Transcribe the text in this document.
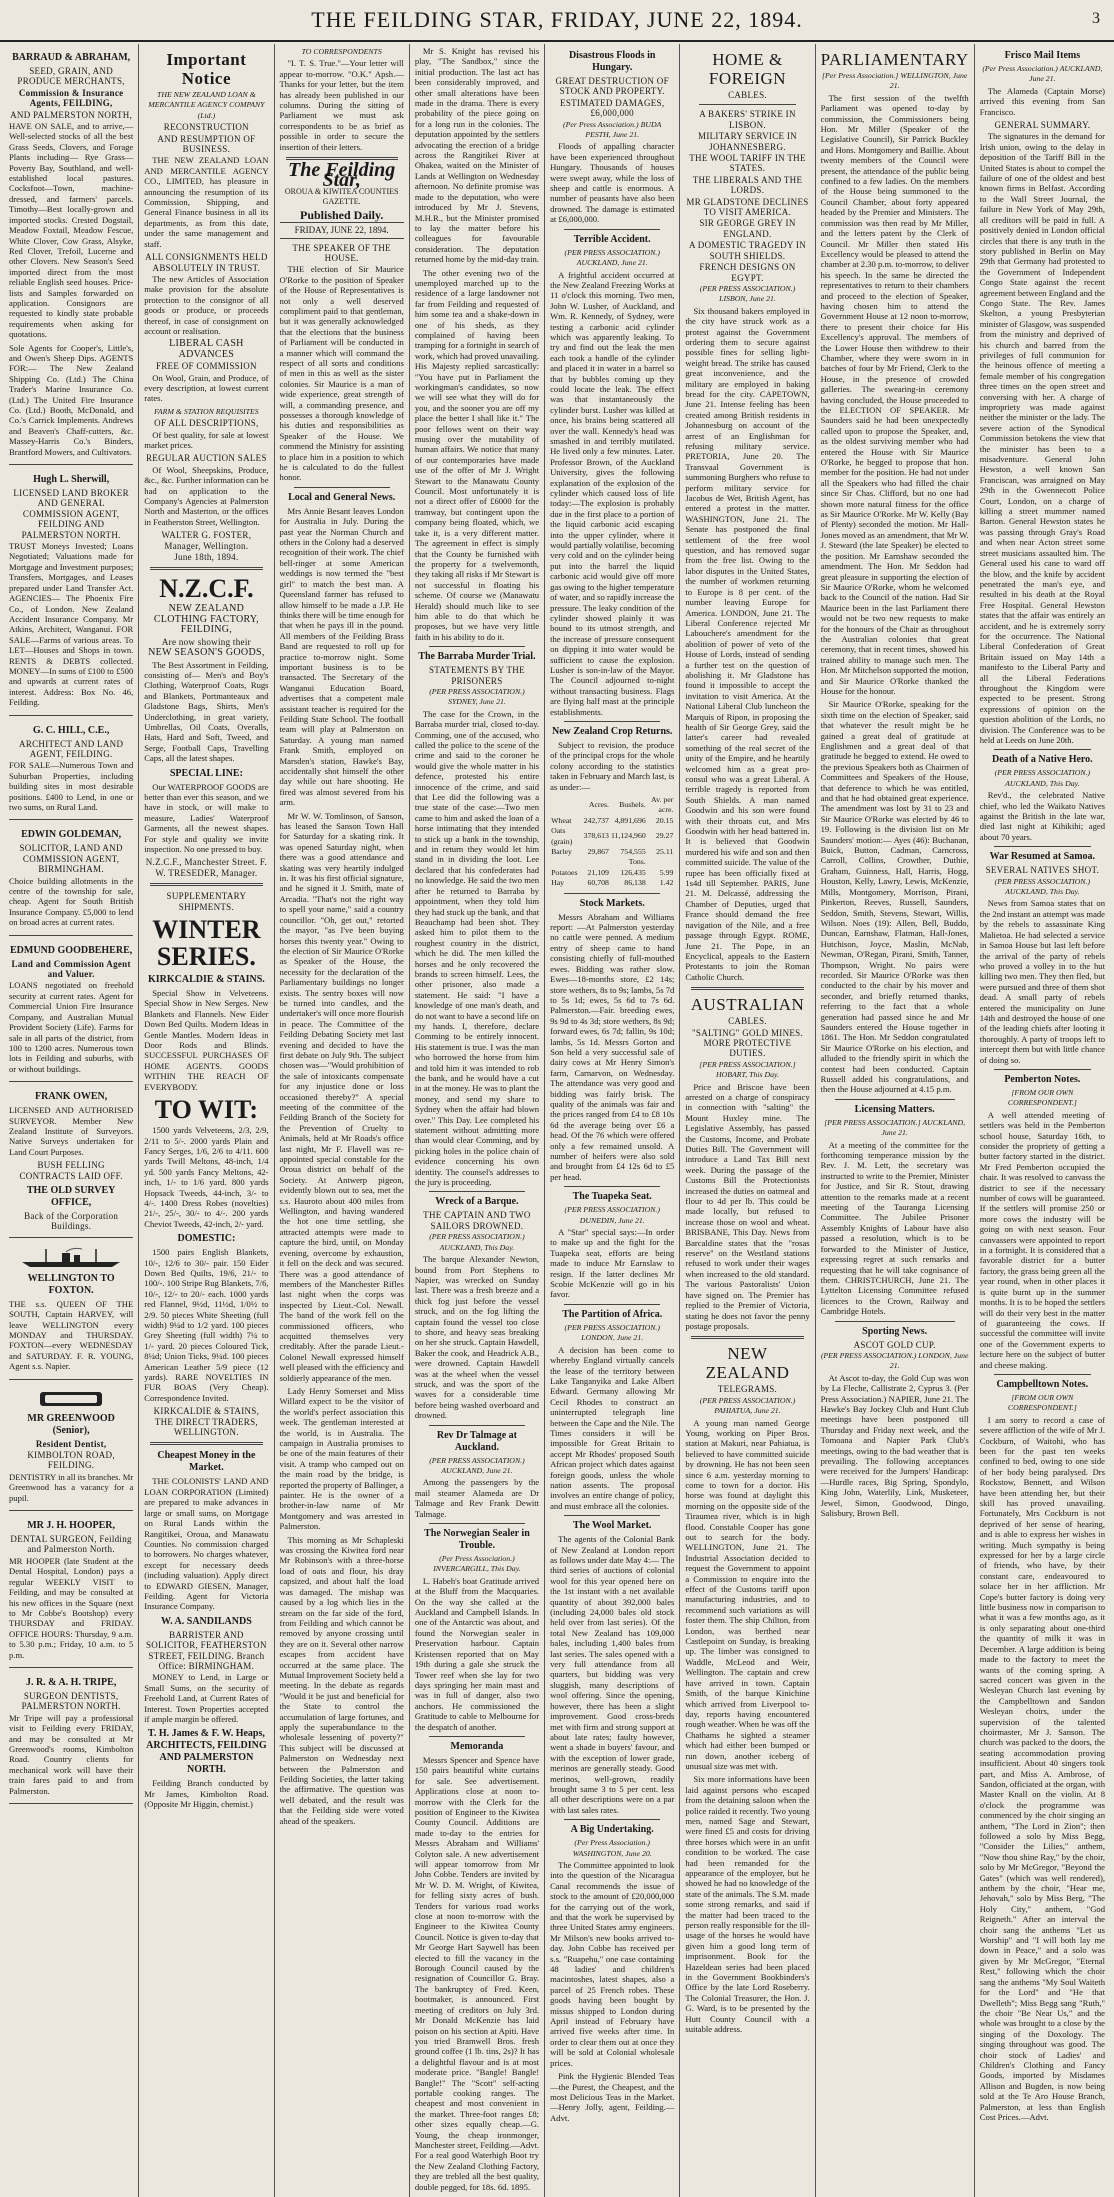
THE FEILDING STAR, FRIDAY, JUNE 22, 1894.	3
BARRAUD & ABRAHAM,
SEED, GRAIN, AND PRODUCE MERCHANTS,
Commission & Insurance Agents, FEILDING,
AND PALMERSTON NORTH,

HAVE ON SALE, and to arrive,— Well-selected stocks of all the best Grass Seeds, Clovers, and Forage Plants including— Rye Grass—Poverty Bay, Southland, and well-established local pastures. Cocksfoot—Town, machine-dressed, and farmers' parcels. Timothy—Best locally-grown and imported stocks. Crested Dogstail, Meadow Foxtail, Meadow Fescue, White Clover, Cow Grass, Alsyke, Red Clover, Trefoil, Lucerne and other Clovers. New Season's Seed imported direct from the most reliable English seed houses. Price-lists and Samples forwarded on application. Consignors are requested to kindly state probable requirements when asking for quotations.

Sole Agents for Cooper's, Little's, and Owen's Sheep Dips. AGENTS FOR:— The New Zealand Shipping Co. (Ltd.) The China Trader's Marine Insurance Co. (Ltd.) The United Fire Insurance Co. (Ltd.) Booth, McDonald, and Co.'s Carrick Implements. Andrews and Beaven's Chaff-cutters, &c. Massey-Harris Co.'s Binders, Brantford Mowers, and Cultivators.

Hugh L. Sherwill,
LICENSED LAND BROKER AND GENERAL COMMISSION AGENT, FEILDING AND PALMERSTON NORTH.

TRUST Moneys Invested; Loans Negotiated; Valuations made for Mortgage and Investment purposes; Transfers, Mortgages, and Leases prepared under Land Transfer Act. AGENCIES— The Phoenix Fire Co., of London. New Zealand Accident Insurance Company. Mr Atkins, Architect, Wanganui. FOR SALE—Farms of various areas. To LET—Houses and Shops in town. RENTS & DEBTS collected. MONEY—In sums of £100 to £500 and upwards at current rates of interest. Address: Box No. 46, Feilding.

G. C. HILL, C.E.,
ARCHITECT AND LAND AGENT, FEILDING.

FOR SALE—Numerous Town and Suburban Properties, including building sites in most desirable positions. £400 to Lend, in one or two sums, on Rural Land.

EDWIN GOLDEMAN,
SOLICITOR, LAND AND COMMISSION AGENT, BIRMINGHAM.

Choice building allotments in the centre of the township for sale, cheap. Agent for South British Insurance Company. £5,000 to lend on broad acres at current rates.

EDMUND GOODBEHERE,
Land and Commission Agent and Valuer.

LOANS negotiated on freehold security at current rates. Agent for Commercial Union Fire Insurance Company, and Australian Mutual Provident Society (Life). Farms for sale in all parts of the district, from 100 to 1200 acres. Numerous town lots in Feilding and suburbs, with or without buildings.

FRANK OWEN,

LICENSED AND AUTHORISED SURVEYOR. Member New Zealand Institute of Surveyors. Native Surveys undertaken for Land Court Purposes.

BUSH FELLING CONTRACTS LAID OFF.
THE OLD SURVEY OFFICE,
Back of the Corporation Buildings.
WELLINGTON TO FOXTON.

THE s.s. QUEEN OF THE SOUTH, Captain HARVEY, will leave WELLINGTON every MONDAY and THURSDAY. FOXTON—every WEDNESDAY and SATURDAY. F. R. YOUNG, Agent s.s. Napier.

MR GREENWOOD (Senior),
Resident Dentist,
KIMBOLTON ROAD, FEILDING.

DENTISTRY in all its branches. Mr Greenwood has a vacancy for a pupil.

MR J. H. HOOPER,
DENTAL SURGEON, Feilding and Palmerston North.

MR HOOPER (late Student at the Dental Hospital, London) pays a regular WEEKLY VISIT to Feilding, and may be consulted at his new offices in the Square (next to Mr Cobbe's Bootshop) every THURSDAY and FRIDAY. OFFICE HOURS: Thursday, 9 a.m. to 5.30 p.m.; Friday, 10 a.m. to 5 p.m.

J. R. & A. H. TRIPE,
SURGEON DENTISTS, PALMERSTON NORTH.

Mr Tripe will pay a professional visit to Feilding every FRIDAY, and may be consulted at Mr Greenwood's rooms, Kimbolton Road. Country clients for mechanical work will have their train fares paid to and from Palmerston.

Important Notice
THE NEW ZEALAND LOAN & MERCANTILE AGENCY COMPANY (Ltd.)
RECONSTRUCTION
AND RESUMPTION OF BUSINESS.

THE NEW ZEALAND LOAN AND MERCANTILE AGENCY CO., LIMITED, has pleasure in announcing the resumption of its Commission, Shipping, and General Finance business in all its departments, as from this date, under the same management and staff.

ALL CONSIGNMENTS HELD ABSOLUTELY IN TRUST.

The new Articles of Association make provision for the absolute protection to the consignor of all goods or produce, or proceeds thereof, in case of consignment on account or realisation.

LIBERAL CASH ADVANCES
FREE OF COMMISSION

On Wool, Grain, and Produce, of every description, at lowest current rates.

FARM & STATION REQUISITES
OF ALL DESCRIPTIONS,

Of best quality, for sale at lowest market prices.

REGULAR AUCTION SALES

Of Wool, Sheepskins, Produce, &c., &c. Further information can be had on application to the Company's Agencies at Palmerston North and Masterton, or the offices in Featherston Street, Wellington.

WALTER G. FOSTER, Manager, Wellington.
June 18th, 1894.
N.Z.C.F.
NEW ZEALAND CLOTHING FACTORY, FEILDING,
Are now showing their
NEW SEASON'S GOODS,

The Best Assortment in Feilding, consisting of— Men's and Boy's Clothing, Waterproof Coats, Rugs and Blankets, Portmanteaux and Gladstone Bags, Shirts, Men's Underclothing, in great variety, Umbrellas, Oil Coats, Overalls, Hats, Hard and Soft, Tweed, and Serge, Football Caps, Travelling Caps, all the latest shapes.

SPECIAL LINE:

Our WATERPROOF GOODS are better than ever this season, and we have in stock, or will make to measure, Ladies' Waterproof Garments, all the newest shapes. For style and quality we invite inspection. No one pressed to buy.

N.Z.C.F., Manchester Street. F. W. TRESEDER, Manager.
SUPPLEMENTARY SHIPMENTS.
WINTER SERIES.
KIRKCALDIE & STAINS.

Special Show in Velveteens. Special Show in New Serges. New Blankets and Flannels. New Eider Down Bed Quilts. Modern Ideas in Gentle Mantles. Modern Ideas in Door Rods and Blinds. SUCCESSFUL PURCHASES OF HOME AGENTS. GOODS WITHIN THE REACH OF EVERYBODY.

TO WIT:

1500 yards Velveteens, 2/3, 2/9, 2/11 to 5/-. 2000 yards Plain and Fancy Serges, 1/6, 2/6 to 4/11. 600 yards Twill Meltons, 48-inch, 1/4 yd. 500 yards Fancy Meltons, 42-inch, 1/- to 1/6 yard. 800 yards Hopsack Tweeds, 44-inch, 3/- to 4/-. 1400 Dress Robes (novelties) 21/-, 25/-, 30/- to 4/-. 200 yards Cheviot Tweeds, 42-inch, 2/- yard.

DOMESTIC:

1500 pairs English Blankets, 10/-, 12/6 to 30/- pair. 150 Eider Down Bed Quilts, 19/6, 21/- to 100/-. 100 Stripe Rug Blankets, 7/6, 10/-, 12/- to 20/- each. 1000 yards red Flannel, 9½d, 11½d, 1/0½ to 2/9. 50 pieces White Sheeting (full width) 9¼d to 1/2 yard. 100 pieces Grey Sheeting (full width) 7¼ to 1/- yard. 20 pieces Coloured Tick, 8¼d; Union Ticks, 9¼d. 100 pieces American Leather 5/9 piece (12 yards). RARE NOVELTIES IN FUR BOAS (Very Cheap). Correspondence Invited.

KIRKCALDIE & STAINS, THE DIRECT TRADERS, WELLINGTON.
Cheapest Money in the Market.

THE COLONISTS' LAND AND LOAN CORPORATION (Limited) are prepared to make advances in large or small sums, on Mortgage on Rural Lands within the Rangitikei, Oroua, and Manawatu Counties. No commission charged to borrowers. No charges whatever, except for necessary deeds (including valuation). Apply direct to EDWARD GIESEN, Manager, Feilding. Agent for Victoria Insurance Company.

W. A. SANDILANDS
BARRISTER AND SOLICITOR, FEATHERSTON STREET, FEILDING. Branch Office: BIRMINGHAM.

MONEY to Lend, in Large or Small Sums, on the security of Freehold Land, at Current Rates of Interest. Town Properties accepted if ample margin be offered.

T. H. James & F. W. Heaps, ARCHITECTS, FEILDING AND PALMERSTON NORTH.

Feilding Branch conducted by Mr James, Kimbolton Road. (Opposite Mr Higgin, chemist.)

TO CORRESPONDENTS

"I. T. S. True."—Your letter will appear to-morrow. "O.K." Apsh.—Thanks for your letter, but the item has already been published in our columns. During the sitting of Parliament we must ask correspondents to be as brief as possible in order to secure the insertion of their letters.

The Feilding Star,
OROUA & KIWITEA COUNTIES GAZETTE.
Published Daily.
FRIDAY, JUNE 22, 1894.
THE SPEAKER OF THE HOUSE.

THE election of Sir Maurice O'Rorke to the position of Speaker of the House of Representatives is not only a well deserved compliment paid to that gentleman, but it was generally acknowledged that the elections that the business of Parliament will be conducted in a manner which will command the respect of all sorts and conditions of men in this as well as the sister colonies. Sir Maurice is a man of wide experience, great strength of will, a commanding presence, and possesses a thorough knowledge of his duties and responsibilities as Speaker of the House. We commend the Ministry for assisting to place him in a position to which he is calculated to do the fullest honor.

Local and General News.

Mrs Annie Besant leaves London for Australia in July. During the past year the Norman Church and others in the Colony had a deserved recognition of their work. The chief bell-ringer at some American weddings is now termed the "best girl" to match the best man. A Queensland farmer has refused to allow himself to be made a J.P. He thinks there will be time enough for that when he pays ill in the pound. All members of the Feilding Brass Band are requested to roll up for practice to-morrow night. Some important business is to be transacted. The Secretary of the Wanganui Education Board, advertises that a competent male assistant teacher is required for the Feilding State School. The football team will play at Palmerston on Saturday. A young man named Frank Smith, employed on Marsden's station, Hawke's Bay, accidentally shot himself the other day while out hare shooting. He fired was almost severed from his arm.

Mr W. W. Tomlinson, of Sanson, has leased the Sanson Town Hall for Saturday for a skating rink. It was opened Saturday night, when there was a good attendance and skating was very heartily indulged in. It was his first official signature, and he signed it J. Smith, mate of Arcadia. "That's not the right way to spell your name," said a country councillor. "Oh, get out," retorted the mayor, "as I've been buying horses this twenty year." Owing to the election of Sir Maurice O'Rorke as Speaker of the House, the necessity for the declaration of the Parliamentary buildings no longer exists. The sentry boxes will now be turned into candles, and the undertaker's will once more flourish in peace. The Committee of the Feilding Debating Society met last evening and decided to have the first debate on July 9th. The subject chosen was—"Would prohibition of the sale of intoxicants compensate for any injustice done or loss occasioned thereby?" A special meeting of the committee of the Feilding Branch of the Society for the Prevention of Cruelty to Animals, held at Mr Roads's office last night, Mr F. Flavell was re-appointed special constable for the Oroua district on behalf of the Society. At Antwerp pigeon, evidently blown out to sea, met the s.s. Hauroto about 400 miles from Wellington, and having wandered the hot one time settling, she attracted attempts were made to capture the bird, until, on Monday evening, overcome by exhaustion, it fell on the deck and was secured. There was a good attendance of members of the Manchester Rifles last night when the corps was inspected by Lieut.-Col. Newall. The band of the work fell on the commissioned officers, who acquitted themselves very creditably. After the parade Lieut.-Colonel Newall expressed himself well pleased with the efficiency and soldierly appearance of the men.

Lady Henry Somerset and Miss Willard expect to be the visitor of the world's perfect association this week. The gentleman interested at the world, is in Australia. The campaign in Australia promises to be one of the main features of their visit. A tramp who camped out on the main road by the bridge, is reported the property of Ballinger, a painter. He is the owner of a brother-in-law name of Mr Montgomery and was arrested in Palmerston.

This morning as Mr Schapleski was crossing the Kiwitea ford near Mr Robinson's with a three-horse load of oats and flour, his dray capsized, and about half the load was damaged. The mishap was caused by a log which lies in the stream on the far side of the ford, from Feilding and which cannot be removed by anyone crossing until they are on it. Several other narrow escapes from accident have occurred at the same place. The Mutual Improvement Society held a meeting. In the debate as regards "Would it be just and beneficial for the State to control the accumulation of large fortunes, and apply the superabundance to the wholesale lessening of poverty?" This subject will be discussed at Palmerston on Wednesday next between the Palmerston and Feilding Societies, the latter taking the affirmative. The question was well debated, and the result was that the Feilding side were voted ahead of the speakers.

Mr S. Knight has revised his play, "The Sandbox," since the initial production. The last act has been considerably improved, and other small alterations have been made in the drama. There is every probability of the piece going on for a long run in the colonies. The deputation appointed by the settlers advocating the erection of a bridge across the Rangitikei River at Ohakea, waited on the Minister of Lands at Wellington on Wednesday afternoon. No definite promise was made to the deputation, who were introduced by Mr J. Stevens, M.H.R., but the Minister promised to lay the matter before his colleagues for favourable consideration. The deputation returned home by the mid-day train.

The other evening two of the unemployed marched up to the residence of a large landowner not far from Feilding and requested of him some tea and a shake-down in one of his sheds, as they complained of having been tramping for a fortnight in search of work, which had proved unavailing. His Majesty replied sarcastically: "You have put in Parliament the workingman's candidates, so now we will see what they will do for you, and the sooner you are off my place the better I shall like it." The poor fellows went on their way musing over the mutability of human affairs. We notice that many of our contemporaries have made use of the offer of Mr J. Wright Stewart to the Manawatu County Council. Most unfortunately it is not a direct offer of £6000 for the tramway, but contingent upon the company being floated, which, we take it, is a very different matter. The agreement in effect is simply that the County be furnished with the property for a twelvemonth, they taking all risks if Mr Stewart is not successful in floating his scheme. Of course we (Manawatu Herald) should much like to see him able to do that which he proposes, but we have very little faith in his ability to do it.

The Barraba Murder Trial.
STATEMENTS BY THE PRISONERS
(PER PRESS ASSOCIATION.) SYDNEY, June 21.

The case for the Crown, in the Barraba murder trial, closed to-day. Comming, one of the accused, who called the police to the scene of the crime and said to the coroner he would give the whole matter in his defence, protested his entire innocence of the crime, and said that Lee did the following was a true state of the case:—Two men came to him and asked the loan of a horse intimating that they intended to stick up a bank in the township, and in return they would let him stand in in dividing the loot. Lee declared that his confederates had no knowledge. He said the two men after he returned to Barraba by appointment, when they told him they had stuck up the bank, and that Beauchamp had been shot. They asked him to pilot them to the roughest country in the district, which he did. The men killed the horses and he only recovered the brands to screen himself. Lees, the other prisoner, also made a statement. He said: "I have a knowledge of one man's death, and do not want to have a second life on my hands. I, therefore, declare Comming to be entirely innocent. His statement is true. I was the man who borrowed the horse from him and told him it was intended to rob the bank, and he would have a cut in at the money. He was to plant the money, and send my share to Sydney when the affair had blown over." This Day. Lee completed his statement without admitting more than would clear Comming, and by picking holes in the police chain of evidence concerning his own identity. The counsel's addresses to the jury is proceeding.

Wreck of a Barque.
THE CAPTAIN AND TWO SAILORS DROWNED.
(PER PRESS ASSOCIATION.) AUCKLAND, This Day.

The barque Alexander Newton, bound from Port Stephens to Napier, was wrecked on Sunday last. There was a fresh breeze and a thick fog just before the vessel struck, and on the fog lifting the captain found the vessel too close to shore, and heavy seas breaking on her she struck. Captain Hawdell, Baker the cook, and Headrick A.B., were drowned. Captain Hawdell was at the wheel when the vessel struck, and was the sport of the waves for a considerable time before being washed overboard and drowned.

Rev Dr Talmage at Auckland.
(PER PRESS ASSOCIATION.) AUCKLAND, June 21.

Among the passengers by the mail steamer Alameda are Dr Talmage and Rev Frank Dewitt Talmage.

The Norwegian Sealer in Trouble.
(Per Press Association.) INVERCARGILL, This Day.

L. Habeh's boat Gratitude arrived at the Bluff from the Macquaries. On the way she called at the Auckland and Campbell Islands. In one of the Antarctic was about, and found the Norwegian sealer in Preservation harbour. Captain Kristensen reported that on May 19th during a gale she struck the Tower reef when she lay for two days springing her main mast and was in full of danger, also two anchors. He commissioned the Gratitude to cable to Melbourne for the despatch of another.

Memoranda

Messrs Spencer and Spence have 150 pairs beautiful white curtains for sale. See advertisement. Applications close at noon to-morrow with the Clerk for the position of Engineer to the Kiwitea County Council. Additions are made to-day to the entries for Messrs Abraham and Williams' Colyton sale. A new advertisement will appear tomorrow from Mr John Cobbe. Tenders are invited by Mr W. D. M. Wright, of Kiwitea, for felling sixty acres of bush. Tenders for various road works close at noon to-morrow with the Engineer to the Kiwitea County Council. Notice is given to-day that Mr George Hart Saywell has been elected to fill the vacancy in the Borough Council caused by the resignation of Councillor G. Bray. The bankruptcy of Fred. Keen, bootmaker, is announced. First meeting of creditors on July 3rd. Mr Donald McKenzie has laid poison on his section at Apiti. Have you tried Bramwell Bros. fresh ground coffee (1 lb. tins, 2s)? It has a delightful flavour and is at most moderate price. "Bangle! Bangle! Bangle!" The "Scott" self-acting portable cooking ranges. The cheapest and most convenient in the market. Three-foot ranges £8; other sizes equally cheap.—G. Young, the cheap ironmonger, Manchester street, Feilding.—Advt. For a real good Waterhigh Boot try the New Zealand Clothing Factory, they are trebled all the best quality, double pegged, for 18s. 6d. 1895.

Disastrous Floods in Hungary.
GREAT DESTRUCTION OF STOCK AND PROPERTY.
ESTIMATED DAMAGES, £6,000,000
(Per Press Association.) BUDA PESTH, June 21.

Floods of appalling character have been experienced throughout Hungary. Thousands of houses were swept away, while the loss of sheep and cattle is enormous. A number of peasants have also been drowned. The damage is estimated at £6,000,000.

Terrible Accident.
(PER PRESS ASSOCIATION.) AUCKLAND, June 21.

A frightful accident occurred at the New Zealand Freezing Works at 11 o'clock this morning. Two men, John W. Lusher, of Auckland, and Wm. R. Kennedy, of Sydney, were testing a carbonic acid cylinder which was apparently leaking. To try and find out the leak the men each took a handle of the cylinder and placed it in water in a barrel so that by bubbles coming up they could locate the leak. The effect was that instantaneously the cylinder burst. Lusher was killed at once, his brains being scattered all over the wall. Kennedy's head was smashed in and terribly mutilated. He lived only a few minutes. Later. Professor Brown, of the Auckland University, gives the following explanation of the explosion of the cylinder which caused loss of life today:—The explosion is probably due in the first place to a portion of the liquid carbonic acid escaping into the upper cylinder, where it would partially volatilise, becoming very cold and on the cylinder being put into the barrel the liquid carbonic acid would give off more gas owing to the higher temperature of water, and so rapidly increase the pressure. The leaky condition of the cylinder showed plainly it was bound to its utmost strength, and the increase of pressure consequent on dipping it into water would be sufficient to cause the explosion. Lusher is son-in-law of the Mayor. The Council adjourned to-night without transacting business. Flags are flying half mast at the principle establishments.

New Zealand Crop Returns.

Subject to revision, the produce of the principal crops for the whole colony according to the statistics taken in February and March last, is as under:—

	Acres.	Bushels.	Av. per acre.
Wheat	242,737	4,891,696	20.15
Oats (grain)	378,613	11,124,960	29.27
Barley	29,867	754,555	25.11
		Tons.	
Potatoes	21,109	126,435	5.99
Hay	60,708	86,138	1.42
Stock Markets.

Messrs Abraham and Williams report: —At Palmerston yesterday no cattle were penned. A medium entry of sheep came to hand consisting chiefly of full-mouthed ewes. Bidding was rather slow. Ewes—18-months store, £2 14s; store wethers, 8s to 9s; lambs, 5s 7d to 5s 1d; ewes, 5s 6d to 7s 6d. Palmerston.—Fair. breeding ewes, 9s 9d to 4s 3d; store wethers, 8s 9d; forward ewes, 6s 7d; fallin, 9s 10d; lambs, 5s 1d. Messrs Gorton and Son held a very successful sale of dairy cows at Mr Henry Simon's farm, Carnarvon, on Wednesday. The attendance was very good and bidding was fairly brisk. The quality of the animals was fair and the prices ranged from £4 to £8 10s 6d the average being over £6 a head. Of the 76 which were offered only a few remained unsold. A number of heifers were also sold and brought from £4 12s 6d to £5 per head.

The Tuapeka Seat.
(PER PRESS ASSOCIATION.) DUNEDIN, June 21.

A "Star" special says:—In order to make up and the fight for the Tuapeka seat, efforts are being made to induce Mr Earnslaw to resign. If the latter declines Mr Scobie McKenzie will go in his favor.

The Partition of Africa.
(PER PRESS ASSOCIATION.) LONDON, June 21.

A decision has been come to whereby England virtually cancels the lease of the territory between Lake Tanganyika and Lake Albert Edward. Germany allowing Mr Cecil Rhodes to construct an uninterrupted telegraph line between the Cape and the Nile. The Times considers it will be impossible for Great Britain to accept Mr Rhodes' proposed South African project which dates against foreign goods, unless the whole nation assents. The proposal involves an entire change of policy, and must embrace all the colonies.

The Wool Market.

The agents of the Colonial Bank of New Zealand at London report as follows under date May 4:— The third series of auctions of colonial wool for this year opened here on the 1st instant with a net available quantity of about 392,000 bales (including 24,000 bales old stock held over from last series). Of the total New Zealand has 109,000 bales, including 1,400 bales from last series. The sales opened with a very full attendance from all quarters, but bidding was very sluggish, many descriptions of wool offering. Since the opening, however, there has been a slight improvement. Good cross-breds met with firm and strong support at about late rates; faulty however, went a shade in buyers' favour, and with the exception of lower grade, merinos are generally steady. Good merinos, well-grown, readily brought same 3 to 5 per cent. less all other descriptions were on a par with last sales rates.

A Big Undertaking.
(Per Press Association.) WASHINGTON, June 20.

The Committee appointed to look into the question of the Nicaragua Canal recommends the issue of stock to the amount of £20,000,000 for the carrying out of the work, and that the work be supervised by three United States army engineers. Mr Milson's new books arrived to-day. John Cobbe has received per s.s. "Ruapehu," one case containing 48 ladies' and children's macintoshes, latest shapes, also a parcel of 25 French robes. These goods having been bought by missus shipped to London during April instead of February have arrived five weeks after time. In order to clear them out at once they will be sold at Colonial wholesale prices.

Pink the Hygienic Blended Teas—the Purest, the Cheapest, and the most Delicious Teas in the Market.—Henry Jolly, agent, Feilding.—Advt.

HOME & FOREIGN
CABLES.
A BAKERS' STRIKE IN LISBON.
MILITARY SERVICE IN JOHANNESBERG.
THE WOOL TARIFF IN THE STATES.
THE LIBERALS AND THE LORDS.
MR GLADSTONE DECLINES TO VISIT AMERICA.
SIR GEORGE GREY IN ENGLAND.
A DOMESTIC TRAGEDY IN SOUTH SHIELDS.
FRENCH DESIGNS ON EGYPT.
(PER PRESS ASSOCIATION.) LISBON, June 21.

Six thousand bakers employed in the city have struck work as a protest against the Government ordering them to secure against possible fines for selling light-weight bread. The strike has caused great inconvenience, and the military are employed in baking bread for the city. CAPETOWN, June 21. Intense feeling has been created among British residents in Johannesburg on account of the arrest of an Englishman for refusing military service. PRETORIA, June 20. The Transvaal Government is summoning Burghers who refuse to perform military service for Jacobus de Wet, British Agent, has entered a protest in the matter. WASHINGTON, June 21. The Senate has postponed the final settlement of the free wool question, and has removed sugar from the free list. Owing to the labor disputes in the United States, the number of workmen returning to Europe is 8 per cent. of the number leaving Europe for America. LONDON, June 21. The Liberal Conference rejected Mr Labouchere's amendment for the abolition of power of veto of the House of Lords, instead of sending a further test on the question of abolishing it. Mr Gladstone has found it impossible to accept the invitation to visit America. At the National Liberal Club luncheon the Marquis of Ripon, in proposing the health of Sir George Grey, said the latter's career had revealed something of the real secret of the unity of the Empire, and he heartily welcomed him as a great pro-consul who was a great Liberal. A terrible tragedy is reported from South Shields. A man named Goodwin and his son were found with their throats cut, and Mrs Goodwin with her head battered in. It is believed that Goodwin murdered his wife and son and then committed suicide. The value of the rupee has been officially fixed at 1s4d till September. PARIS, June 21. M. Delcassé, addressing the Chamber of Deputies, urged that France should demand the free navigation of the Nile, and a free passage through Egypt. ROME, June 21. The Pope, in an Encyclical, appeals to the Eastern Protestants to join the Roman Catholic Church.

AUSTRALIAN
CABLES.
"SALTING" GOLD MINES. MORE PROTECTIVE DUTIES.
[PER PRESS ASSOCIATION.] HOBART, This Day.

Price and Briscoe have been arrested on a charge of conspiracy in connection with "salting" the Mount Huxley mine. The Legislative Assembly, has passed the Customs, Income, and Probate Duties Bill. The Government will introduce a Land Tax Bill next week. During the passage of the Customs Bill the Protectionists increased the duties on oatmeal and flour to 4d per lb. This could be made locally, but refused to increase those on wool and wheat. BRISBANE, This Day. News from Barcaldine states that the "rosas reserve" on the Westland stations refused to work under their wages when increased to the old standard. The various Pastoralists' Union have signed on. The Premier has replied to the Premier of Victoria, stating he does not favor the penny postage proposals.

NEW ZEALAND
TELEGRAMS.
(PER PRESS ASSOCIATION.) PAHIATUA, June 21.

A young man named George Young, working on Piper Bros. station at Makuri, near Pahiatua, is believed to have committed suicide by drowning. He has not been seen since 6 a.m. yesterday morning to come to town for a doctor. His horse was found at daylight this morning on the opposite side of the Tiraumea river, which is in high flood. Constable Cooper has gone out to search for the body. WELLINGTON, June 21. The Industrial Association decided to request the Government to appoint a Commission to enquire into the effect of the Customs tariff upon manufacturing industries, and to recommend such variations as will foster them. The ship Chilton, from London, was berthed near Castlepoint on Sunday, is breaking up. The limber was consigned to Waddle, McLeod and Weir, Wellington. The captain and crew have arrived in town. Captain Smith, of the barque Kinichine which arrived from Liverpool to-day, reports having encountered rough weather. When he was off the Chathams he sighted a steamer which had either been bumped or run down, another iceberg of unusual size was met with.

Six more informations have been laid against persons who escaped from the detaining saloon when the police raided it recently. Two young men, named Sage and Stewart, were fined £5 and costs for driving three horses which were in an unfit condition to be worked. The case had been remanded for the appearance of the employer, but he showed he had no knowledge of the state of the animals. The S.M. made some strong remarks, and said if the matter had been traced to the person really responsible for the ill-usage of the horses he would have given him a good long term of imprisonment. Book for the Hazeldean series had been placed in the Government Bookbinders's Office by the late Lord Roseberry. The Colonial Treasurer, the Hon. J. G. Ward, is to be presented by the Hutt County Council with a suitable address.

PARLIAMENTARY
[Per Press Association.] WELLINGTON, June 21.

The first session of the twelfth Parliament was opened to-day by commission, the Commissioners being Hon. Mr Miller (Speaker of the Legislative Council), Sir Patrick Buckley and Hons. Montgomery and Baillie. About twenty members of the Council were present, the attendance of the public being confined to a few ladies. On the members of the House being summoned to the Council Chamber, about forty appeared headed by the Premier and Ministers. The commission was then read by Mr Miller, and the letters patent by the Clerk of Council. Mr Miller then stated His Excellency would be pleased to attend the chamber at 2.30 p.m. to-morrow, to deliver his speech. In the same he directed the representatives to return to their chambers and proceed to the election of Speaker, having chosen him to attend the Government House at 12 noon to-morrow, there to present their choice for His Excellency's approval. The members of the Lower House then withdrew to their Chamber, where they were sworn in in batches of four by Mr Friend, Clerk to the House, in the presence of crowded galleries. The swearing-in ceremony having concluded, the House proceeded to the ELECTION OF SPEAKER. Mr Saunders said he had been unexpectedly called upon to propose the Speaker, and, as the oldest surviving member who had entered the House with Sir Maurice O'Rorke, he begged to propose that hon. member for the position. He had not under all the Speakers who had filled the chair since Sir Chas. Clifford, but no one had shown more natural fitness for the office as Sir Maurice O'Rorke. Mr W. Kelly (Bay of Plenty) seconded the motion. Mr Hall-Jones moved as an amendment, that Mr W. J. Steward (the late Speaker) be elected to the position. Mr Earnshaw seconded the amendment. The Hon. Mr Seddon had great pleasure in supporting the election of Sir Maurice O'Rorke, whom he welcomed back to the Council of the nation. Had Sir Maurice been in the last Parliament there would not be two new requests to make for the honours of the Chair as throughout the Australian colonies that great ceremony, that in recent times, showed his trained ability to manage such men. The Hon. Mr Mitchelson supported the motion, and Sir Maurice O'Rorke thanked the House for the honour.

Sir Maurice O'Rorke, speaking for the sixth time on the election of Speaker, said that whatever the result might be he gained a great deal of gratitude at Englishmen and a great deal of that gratitude he begged to extend. He owed to the previous Speakers both as Chairmen of Committees and Speakers of the House, that deference to which he was entitled, and that he had obtained great experience. The amendment was lost by 31 to 23 and Sir Maurice O'Rorke was elected by 46 to 19. Following is the division list on Mr Saunders' motion:— Ayes (46): Buchanan, Buick, Button, Cadman, Carncross, Carroll, Collins, Crowther, Duthie, Graham, Guinness, Hall, Harris, Hogg, Houston, Kelly, Lawry, Lewis, McKenzie, Mills, Montgomery, Morrison, Pirani, Pinkerton, Reeves, Russell, Saunders, Seddon, Smith, Stevens, Stewart, Willis, Wilson. Noes (19): Allen, Bell, Buddo, Duncan, Earnshaw, Flatman, Hall-Jones, Hutchison, Joyce, Maslin, McNab, Newman, O'Regan, Pirani, Smith, Tanner, Thompson, Wright. No pairs were recorded. Sir Maurice O'Rorke was then conducted to the chair by his mover and seconder, and briefly returned thanks, referring to the fact that a whole generation had passed since he and Mr Saunders entered the House together in 1861. The Hon. Mr Seddon congratulated Sir Maurice O'Rorke on his election, and alluded to the friendly spirit in which the contest had been conducted. Captain Russell added his congratulations, and then the House adjourned at 4.15 p.m.

Licensing Matters.
[PER PRESS ASSOCIATION.] AUCKLAND, June 21.

At a meeting of the committee for the forthcoming temperance mission by the Rev. J. M. Lett, the secretary was instructed to write to the Premier, Minister for Justice, and Sir R. Stout, drawing attention to the remarks made at a recent meeting of the Tauranga Licensing Committee. The Jubilee Prisoner Assembly Knights of Labour have also passed a resolution, which is to be forwarded to the Minister of Justice, expressing regret at such remarks and requesting that he will take cognisance of them. CHRISTCHURCH, June 21. The Lyttelton Licensing Committee refused licences to the Crown, Railway and Cambridge Hotels.

Sporting News.
ASCOT GOLD CUP.
(PER PRESS ASSOCIATION.) LONDON, June 21.

At Ascot to-day, the Gold Cup was won by La Fleche, Callistrate 2, Cyprus 3. (Per Press Association.) NAPIER, June 21. The Hawke's Bay Jockey Club and Hunt Club meetings have been postponed till Thursday and Friday next week, and the Tomoana and Napier Park Club's meetings, owing to the bad weather that is prevailing. The following acceptances were received for the Jumpers' Handicap:—Hurdle races, Big Spring, Spondylo, King John, Waterlily, Link, Musketeer, Jewel, Simon, Goodwood, Dingo, Salisbury, Brown Bell.

Frisco Mail Items
(Per Press Association.) AUCKLAND, June 21.

The Alameda (Captain Morse) arrived this evening from San Francisco.

GENERAL SUMMARY.

The signatures in the demand for Irish union, owing to the delay in deposition of the Tariff Bill in the United States is about to compel the failure of one of the oldest and best known firms in Belfast. According to the Wall Street Journal, the failure in New York of May 29th, all creditors will be paid in full. A positively denied in London official circles that there is any truth in the story published in Berlin on May 29th that Germany had protested to the Government of Independent Congo State against the recent agreement between England and the Congo State. The Rev. James Skelton, a young Presbyterian minister of Glasgow, was suspended from the ministry and deprived of his church and barred from the privileges of full communion for the heinous offence of meeting a female member of his congregation three times on the open street and conversing with her. A charge of impropriety was made against neither the minister or the lady. The severe action of the Synodical Commission betokens the view that the minister has been to a misadventure. General John Hewston, a well known San Franciscan, was arraigned on May 29th in the Gwennecott Police Court, London, on a charge of killing a street mummer named Barton. General Hewston states he was passing through Gray's Road and when near Acton street some street musicians assaulted him. The General used his cane to ward off the blow, and the knife by accident penetrated the man's eye, and resulted in his death at the Royal Free Hospital. General Hewston states that the affair was entirely an accident, and he is extremely sorry for the occurrence. The National Liberal Confederation of Great Britain issued on May 14th a manifesto to the Liberal Party and all the Liberal Federations throughout the Kingdom were expected to be present. Strong expressions of opinion on the question abolition of the Lords, no division. The Conference was to be held at Leeds on June 20th.

Death of a Native Hero.
(PER PRESS ASSOCIATION.) AUCKLAND, This Day.

Rev'd., the celebrated Native chief, who led the Waikato Natives against the British in the late war, died last night at Kihikihi; aged about 70 years.

War Resumed at Samoa.
SEVERAL NATIVES SHOT.
(PER PRESS ASSOCIATION.) AUCKLAND, This Day.

News from Samoa states that on the 2nd instant an attempt was made by the rebels to assassinate King Malietoa. He had selected a service in Samoa House but last left before the arrival of the party of rebels who proved a volley in to the hut killing two men. They then fled, but were pursued and three of them shot dead. A small party of rebels entered the municipality on June 14th and destroyed the house of one of the leading chiefs after looting it thoroughly. A party of troops left to intercept them but with little chance of doing so.

Pemberton Notes.
[FROM OUR OWN CORRESPONDENT.]

A well attended meeting of settlers was held in the Pemberton school house, Saturday 16th, to consider the propriety of getting a butter factory started in the district. Mr Fred Pemberton occupied the chair. It was resolved to canvass the district to see if the necessary number of cows will be guaranteed. If the settlers will promise 250 or more cows the industry will be going on with next season. Four canvassers were appointed to report in a fortnight. It is considered that a favorable district for a butter factory, the grass being green all the year round, when in other places it is quite burnt up in the summer months. It is to be hoped the settlers will do their very best in the matter of guaranteeing the cows. If successful the committee will invite one of the Government experts to lecture here on the subject of butter and cheese making.

Campbelltown Notes.
[FROM OUR OWN CORRESPONDENT.]

I am sorry to record a case of severe affliction of the wife of Mr J. Cockburn, of Waitohi, who has been for the past ten weeks confined to bed, owing to one side of her body being paralysed. Drs Rockstow, Bennett, and Wilson have been attending her, but their skill has proved unavailing. Fortunately, Mrs Cockburn is not deprived of her sense of hearing, and is able to express her wishes in writing. Much sympathy is being expressed for her by a large circle of friends, who have, by their constant care, endeavoured to solace her in her affliction. Mr Cope's butter factory is doing very little business now in comparison to what it was a few months ago, as it is only separating about one-third the quantity of milk it was in December. A large addition is being made to the factory to meet the wants of the coming spring. A sacred concert was given in the Wesleyan Church last evening by the Campbelltown and Sandon Wesleyan choirs, under the supervision of the talented choirmaster, Mr J. Sanson. The church was packed to the doors, the seating accommodation proving insufficient. About 40 singers took part, and Miss A. Ambrose, of Sandon, officiated at the organ, with Master Knall on the violin. At 8 o'clock the programme was commenced by the choir singing an anthem, "The Lord in Zion"; then followed a solo by Miss Begg, "Consider the Lilies," anthem, "Now thou shine Ray," by the choir, solo by Mr McGregor, "Beyond the Gates" (which was well rendered), anthem by the choir, "Hear me, Jehovah," solo by Miss Berg, "The Holy City," anthem, "God Reigneth." After an interval the choir sang the anthems "Let us Worship" and "I will both lay me down in Peace," and a solo was given by Mr McGregor, "Eternal Rest," following which the choir sang the anthems "My Soul Waiteth for the Lord" and "He that Dwelleth"; Miss Begg sang "Ruth," the choir "Be Near Us," and the whole was brought to a close by the singing of the Doxology. The singing throughout was good. The choir stock of Ladies' and Children's Clothing and Fancy Goods, imported by Misdames Allison and Bugden, is now being sold at the Te Aro House Branch, Palmerston, at less than English Cost Prices.—Advt.
